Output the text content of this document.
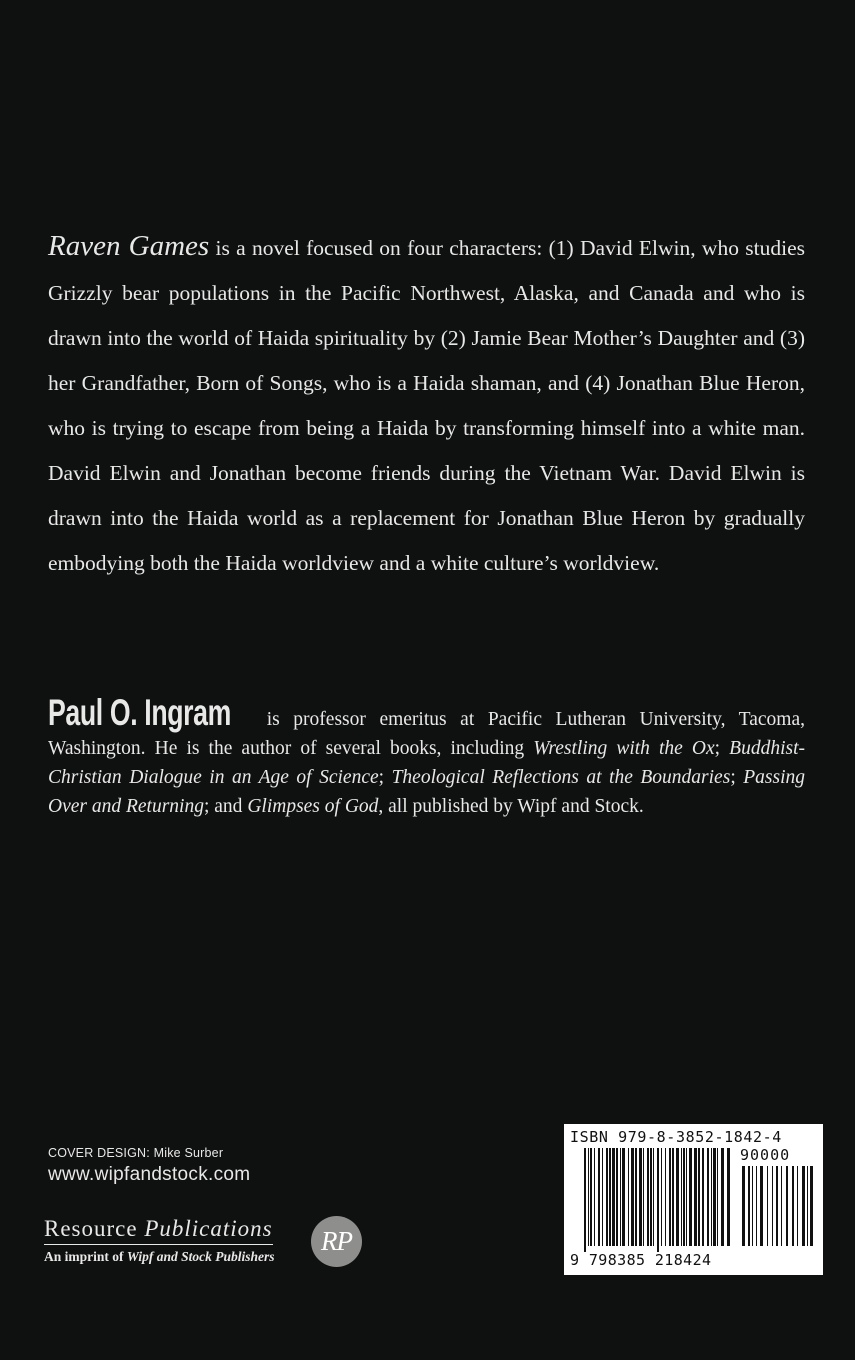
Raven Games is a novel focused on four characters: (1) David Elwin, who studies Grizzly bear populations in the Pacific Northwest, Alaska, and Canada and who is drawn into the world of Haida spirituality by (2) Jamie Bear Mother’s Daughter and (3) her Grandfather, Born of Songs, who is a Haida shaman, and (4) Jonathan Blue Heron, who is trying to escape from being a Haida by transforming himself into a white man. David Elwin and Jonathan become friends during the Vietnam War. David Elwin is drawn into the Haida world as a replacement for Jonathan Blue Heron by gradually embodying both the Haida worldview and a white culture’s worldview.

Paul O. Ingram is professor emeritus at Pacific Lutheran University, Tacoma, Washington. He is the author of several books, including Wrestling with the Ox; Buddhist-Christian Dialogue in an Age of Science; Theological Reflections at the Boundaries; Passing Over and Returning; and Glimpses of God, all published by Wipf and Stock.

COVER DESIGN: Mike Surber
www.wipfandstock.com
Resource Publications
An imprint of Wipf and Stock Publishers
RP
ISBN 979-8-3852-1842-4
90000
9 798385 218424
